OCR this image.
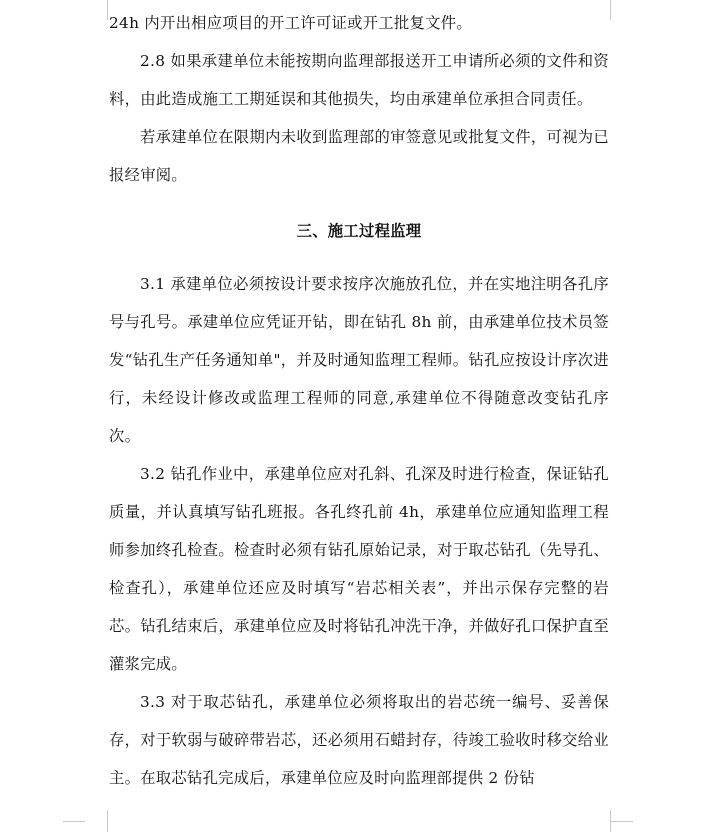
24h 内开出相应项目的开工许可证或开工批复文件。

2.8 如果承建单位未能按期向监理部报送开工申请所必须的文件和资料，由此造成施工工期延误和其他损失，均由承建单位承担合同责任。

若承建单位在限期内未收到监理部的审签意见或批复文件，可视为已报经审阅。

三、施工过程监理

3.1 承建单位必须按设计要求按序次施放孔位，并在实地注明各孔序号与孔号。承建单位应凭证开钻，即在钻孔 8h 前，由承建单位技术员签发“钻孔生产任务通知单"，并及时通知监理工程师。钻孔应按设计序次进行，未经设计修改或监理工程师的同意,承建单位不得随意改变钻孔序次。

3.2 钻孔作业中，承建单位应对孔斜、孔深及时进行检查，保证钻孔质量，并认真填写钻孔班报。各孔终孔前 4h，承建单位应通知监理工程师参加终孔检查。检查时必须有钻孔原始记录，对于取芯钻孔（先导孔、检查孔），承建单位还应及时填写“岩芯相关表”，并出示保存完整的岩芯。钻孔结束后，承建单位应及时将钻孔冲洗干净，并做好孔口保护直至灌浆完成。

3.3 对于取芯钻孔，承建单位必须将取出的岩芯统一编号、妥善保存，对于软弱与破碎带岩芯，还必须用石蜡封存，待竣工验收时移交给业主。在取芯钻孔完成后，承建单位应及时向监理部提供 2 份钻
